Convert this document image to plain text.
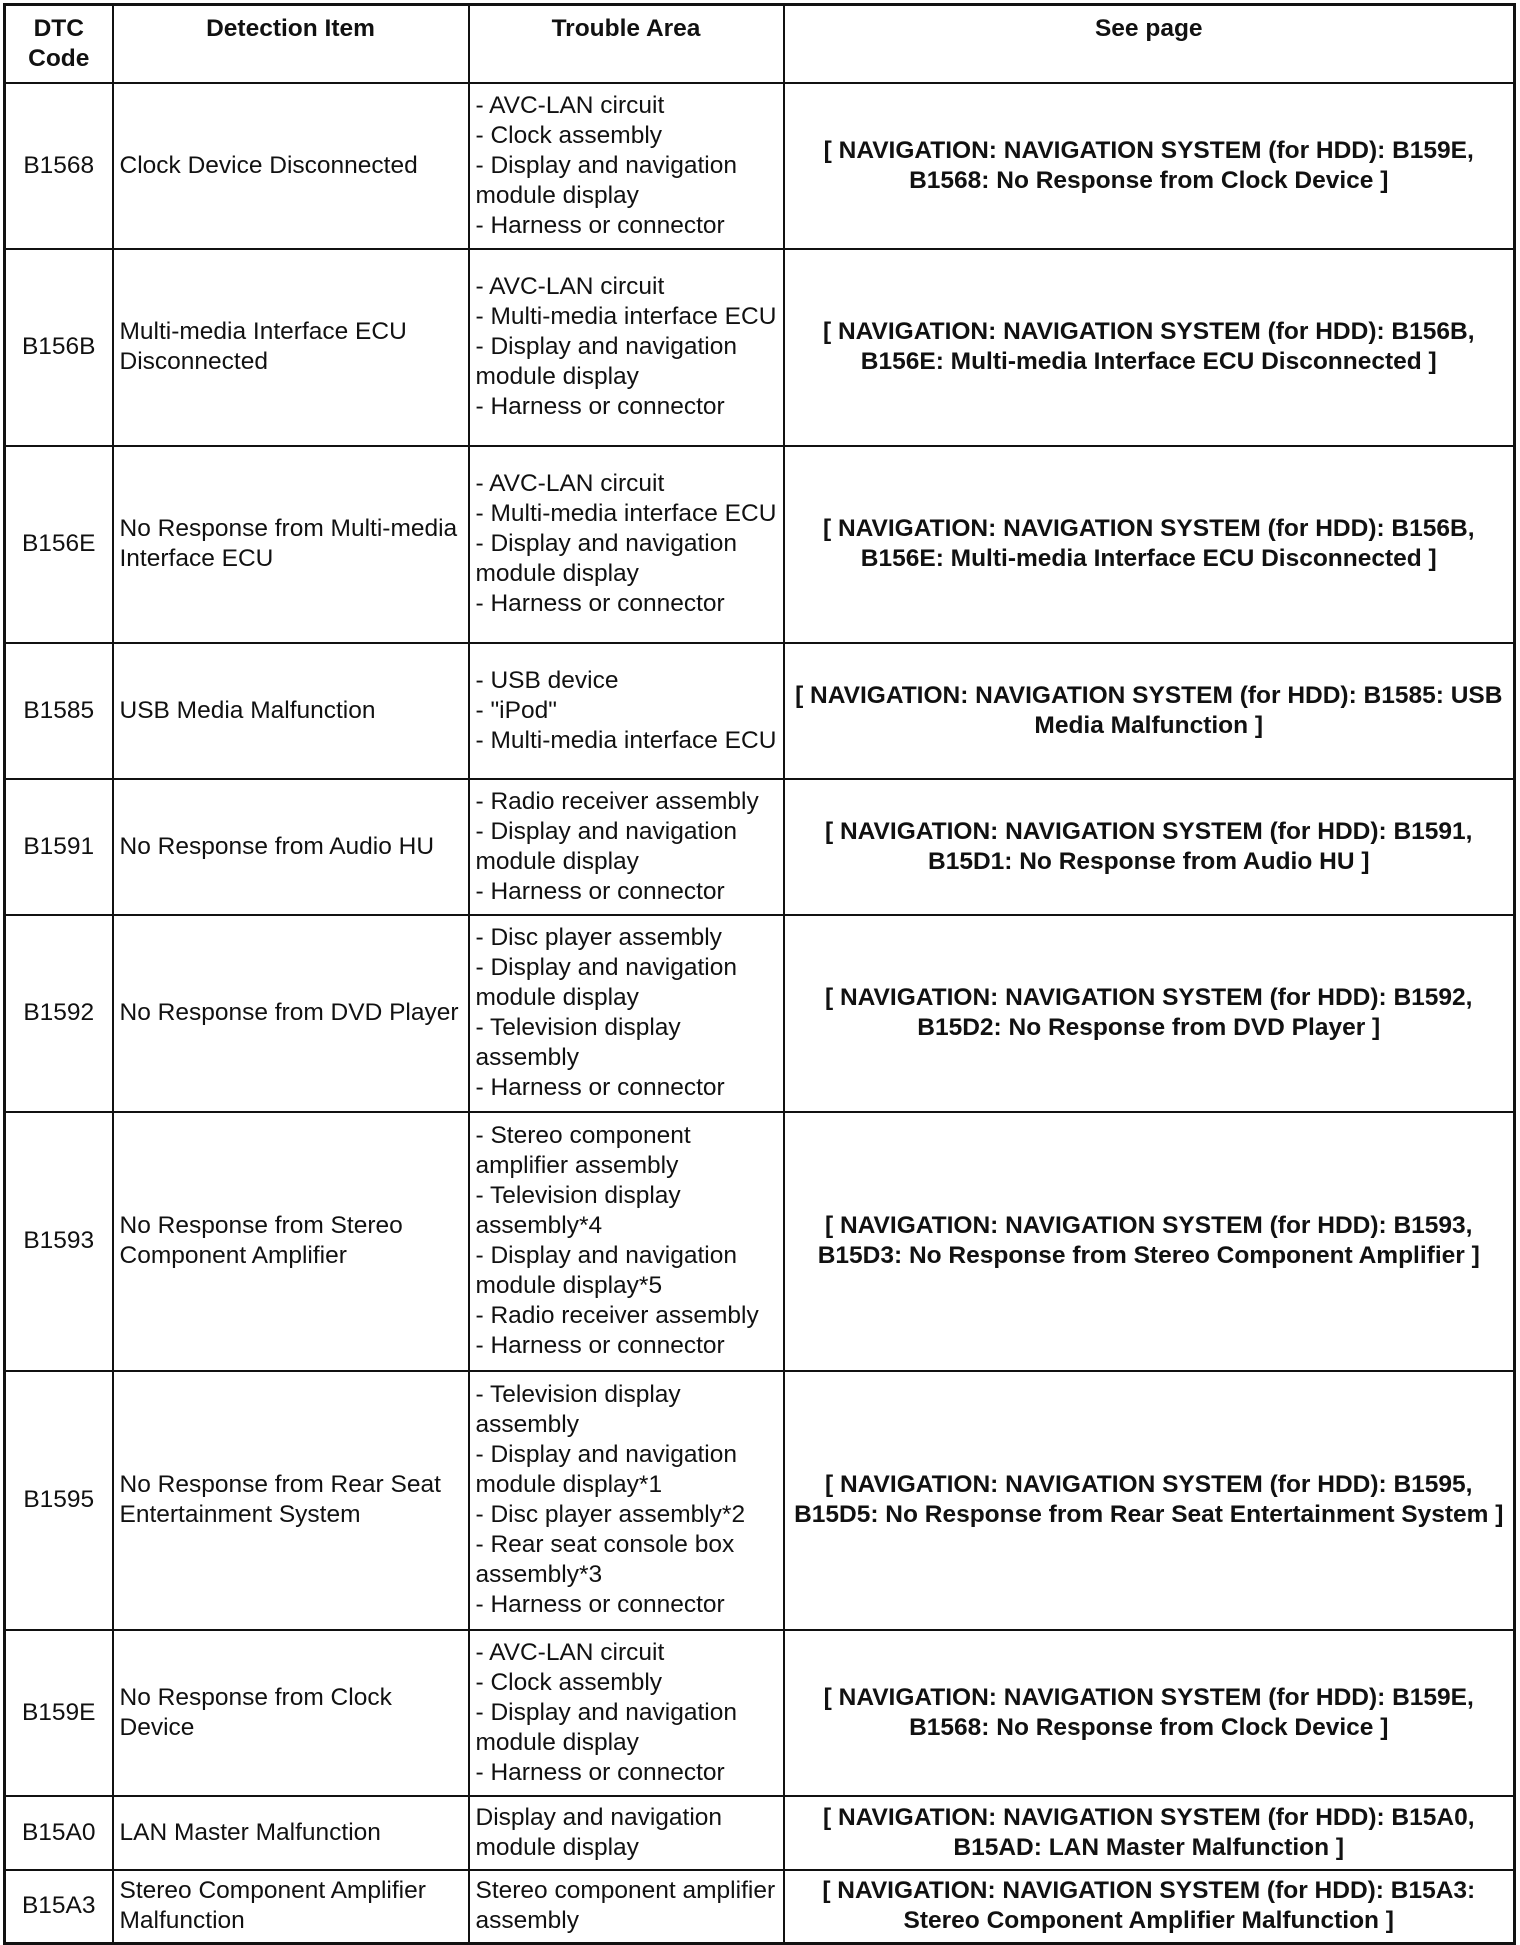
DTC Code	Detection Item	Trouble Area	See page
B1568	Clock Device Disconnected	- AVC-LAN circuit
- Clock assembly
- Display and navigation module display
- Harness or connector	[ NAVIGATION: NAVIGATION SYSTEM (for HDD): B159E, B1568: No Response from Clock Device ]
B156B	Multi-media Interface ECU Disconnected	- AVC-LAN circuit
- Multi-media interface ECU
- Display and navigation module display
- Harness or connector	[ NAVIGATION: NAVIGATION SYSTEM (for HDD): B156B, B156E: Multi-media Interface ECU Disconnected ]
B156E	No Response from Multi-media Interface ECU	- AVC-LAN circuit
- Multi-media interface ECU
- Display and navigation module display
- Harness or connector	[ NAVIGATION: NAVIGATION SYSTEM (for HDD): B156B, B156E: Multi-media Interface ECU Disconnected ]
B1585	USB Media Malfunction	- USB device
- "iPod"
- Multi-media interface ECU	[ NAVIGATION: NAVIGATION SYSTEM (for HDD): B1585: USB Media Malfunction ]
B1591	No Response from Audio HU	- Radio receiver assembly
- Display and navigation module display
- Harness or connector	[ NAVIGATION: NAVIGATION SYSTEM (for HDD): B1591, B15D1: No Response from Audio HU ]
B1592	No Response from DVD Player	- Disc player assembly
- Display and navigation module display
- Television display assembly
- Harness or connector	[ NAVIGATION: NAVIGATION SYSTEM (for HDD): B1592, B15D2: No Response from DVD Player ]
B1593	No Response from Stereo Component Amplifier	- Stereo component amplifier assembly
- Television display assembly*4
- Display and navigation module display*5
- Radio receiver assembly
- Harness or connector	[ NAVIGATION: NAVIGATION SYSTEM (for HDD): B1593, B15D3: No Response from Stereo Component Amplifier ]
B1595	No Response from Rear Seat Entertainment System	- Television display assembly
- Display and navigation module display*1
- Disc player assembly*2
- Rear seat console box assembly*3
- Harness or connector	[ NAVIGATION: NAVIGATION SYSTEM (for HDD): B1595, B15D5: No Response from Rear Seat Entertainment System ]
B159E	No Response from Clock Device	- AVC-LAN circuit
- Clock assembly
- Display and navigation module display
- Harness or connector	[ NAVIGATION: NAVIGATION SYSTEM (for HDD): B159E, B1568: No Response from Clock Device ]
B15A0	LAN Master Malfunction	Display and navigation module display	[ NAVIGATION: NAVIGATION SYSTEM (for HDD): B15A0, B15AD: LAN Master Malfunction ]
B15A3	Stereo Component Amplifier Malfunction	Stereo component amplifier assembly	[ NAVIGATION: NAVIGATION SYSTEM (for HDD): B15A3: Stereo Component Amplifier Malfunction ]
